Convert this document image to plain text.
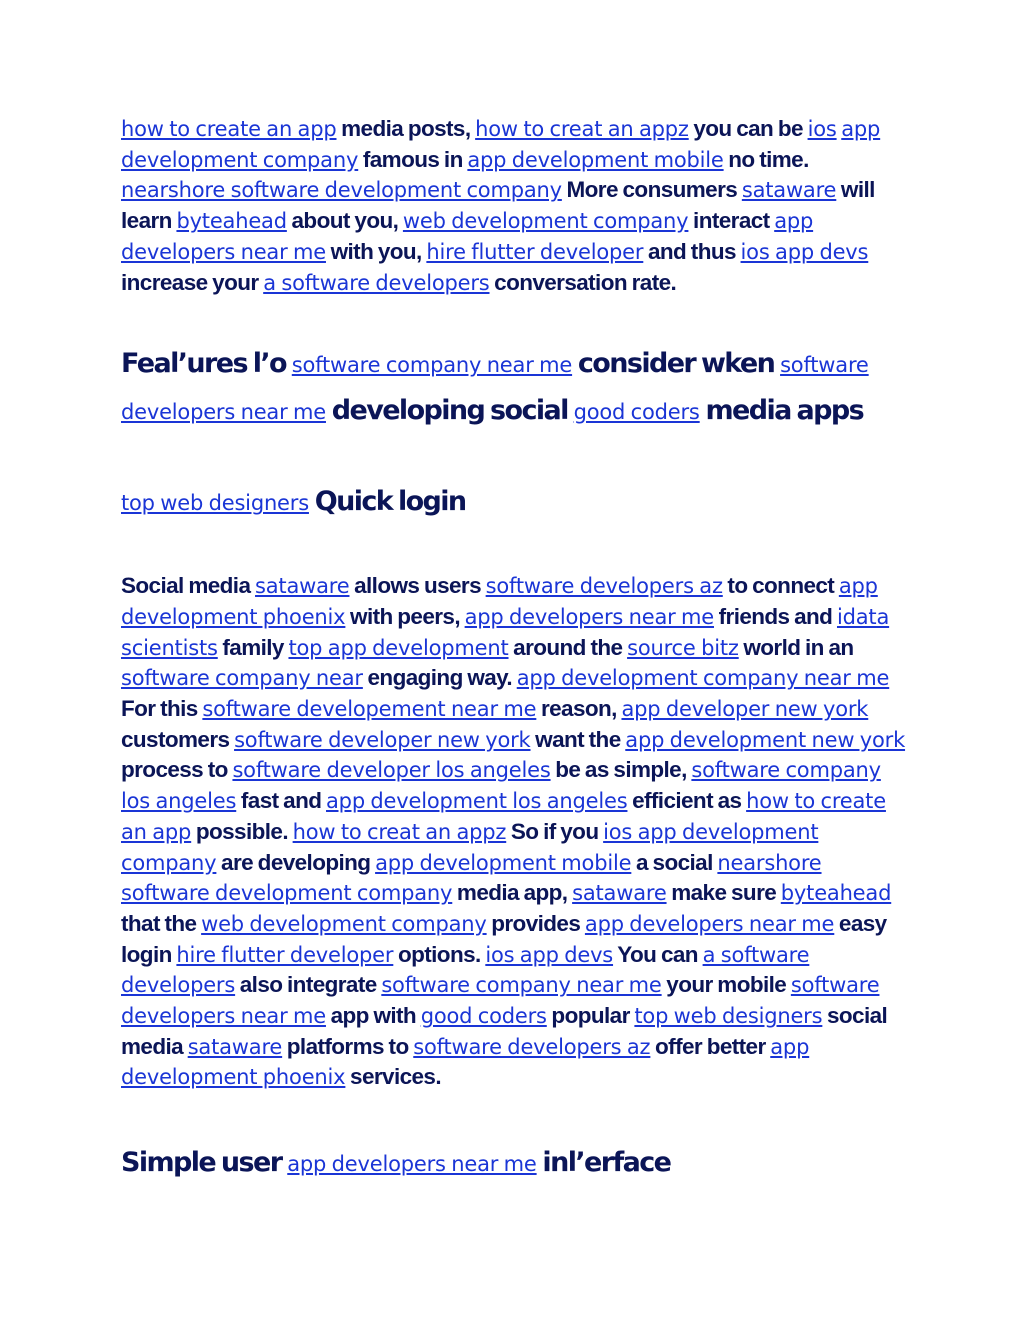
how to create an app media posts, how to creat an appz you can be ios app development company famous in app development mobile no time. nearshore software development company More consumers sataware will learn byteahead about you, web development company interact app developers near me with you, hire flutter developer and thus ios app devs increase your a software developers conversation rate.

Feal’ures l’o software company near me consider wken software developers near me developing social good coders media apps

top web designers Quick login

Social media sataware allows users software developers az to connect app development phoenix with peers, app developers near me friends and idata scientists family top app development around the source bitz world in an software company near engaging way. app development company near me For this software developement near me reason, app developer new york customers software developer new york want the app development new york process to software developer los angeles be as simple, software company los angeles fast and app development los angeles efficient as how to create an app possible. how to creat an appz So if you ios app development company are developing app development mobile a social nearshore software development company media app, sataware make sure byteahead that the web development company provides app developers near me easy login hire flutter developer options. ios app devs You can a software developers also integrate software company near me your mobile software developers near me app with good coders popular top web designers social media sataware platforms to software developers az offer better app development phoenix services.

Simple user app developers near me inl’erface
